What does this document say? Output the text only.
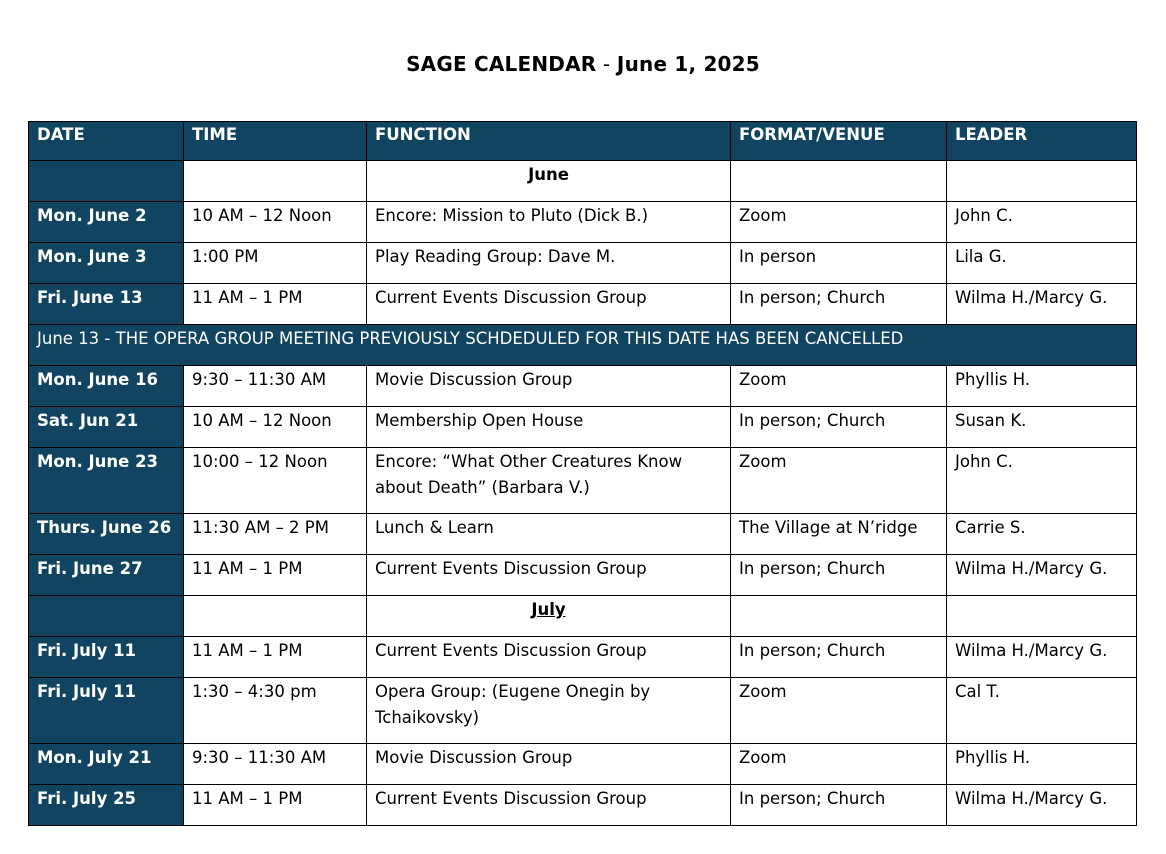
SAGE CALENDAR - June 1, 2025
DATE	TIME	FUNCTION	FORMAT/VENUE	LEADER
		June		
Mon. June 2	10 AM – 12 Noon	Encore: Mission to Pluto (Dick B.)	Zoom	John C.
Mon. June 3	1:00 PM	Play Reading Group: Dave M.	In person	Lila G.
Fri. June 13	11 AM – 1 PM	Current Events Discussion Group	In person; Church	Wilma H./Marcy G.
June 13 - THE OPERA GROUP MEETING PREVIOUSLY SCHDEDULED FOR THIS DATE HAS BEEN CANCELLED				
Mon. June 16	9:30 – 11:30 AM	Movie Discussion Group	Zoom	Phyllis H.
Sat. Jun 21	10 AM – 12 Noon	Membership Open House	In person; Church	Susan K.
Mon. June 23	10:00 – 12 Noon	Encore: “What Other Creatures Know about Death” (Barbara V.)	Zoom	John C.
Thurs. June 26	11:30 AM – 2 PM	Lunch & Learn	The Village at N’ridge	Carrie S.
Fri. June 27	11 AM – 1 PM	Current Events Discussion Group	In person; Church	Wilma H./Marcy G.
		July		
Fri. July 11	11 AM – 1 PM	Current Events Discussion Group	In person; Church	Wilma H./Marcy G.
Fri. July 11	1:30 – 4:30 pm	Opera Group: (Eugene Onegin by Tchaikovsky)	Zoom	Cal T.
Mon. July 21	9:30 – 11:30 AM	Movie Discussion Group	Zoom	Phyllis H.
Fri. July 25	11 AM – 1 PM	Current Events Discussion Group	In person; Church	Wilma H./Marcy G.
